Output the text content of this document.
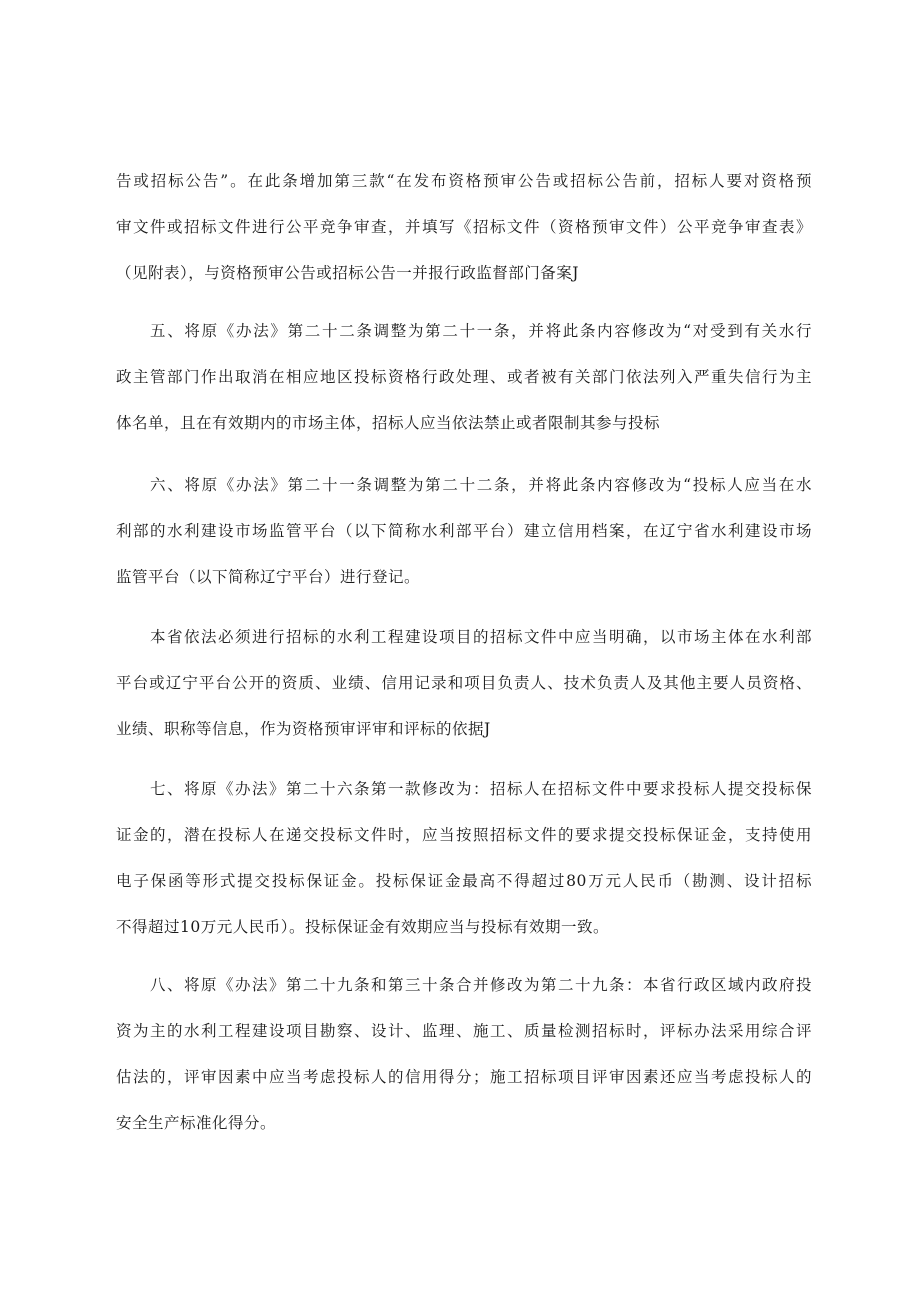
告或招标公告”。在此条增加第三款“在发布资格预审公告或招标公告前，招标人要对资格预
审文件或招标文件进行公平竞争审查，并填写《招标文件（资格预审文件）公平竞争审查表》
（见附表），与资格预审公告或招标公告一并报行政监督部门备案J
五、将原《办法》第二十二条调整为第二十一条，并将此条内容修改为“对受到有关水行
政主管部门作出取消在相应地区投标资格行政处理、或者被有关部门依法列入严重失信行为主
体名单，且在有效期内的市场主体，招标人应当依法禁止或者限制其参与投标
六、将原《办法》第二十一条调整为第二十二条，并将此条内容修改为“投标人应当在水
利部的水利建设市场监管平台（以下简称水利部平台）建立信用档案，在辽宁省水利建设市场
监管平台（以下简称辽宁平台）进行登记。
本省依法必须进行招标的水利工程建设项目的招标文件中应当明确，以市场主体在水利部
平台或辽宁平台公开的资质、业绩、信用记录和项目负责人、技术负责人及其他主要人员资格、
业绩、职称等信息，作为资格预审评审和评标的依据J
七、将原《办法》第二十六条第一款修改为：招标人在招标文件中要求投标人提交投标保
证金的，潜在投标人在递交投标文件时，应当按照招标文件的要求提交投标保证金，支持使用
电子保函等形式提交投标保证金。投标保证金最高不得超过80万元人民币（勘测、设计招标
不得超过10万元人民币）。投标保证金有效期应当与投标有效期一致。
八、将原《办法》第二十九条和第三十条合并修改为第二十九条：本省行政区域内政府投
资为主的水利工程建设项目勘察、设计、监理、施工、质量检测招标时，评标办法采用综合评
估法的，评审因素中应当考虑投标人的信用得分；施工招标项目评审因素还应当考虑投标人的
安全生产标准化得分。
